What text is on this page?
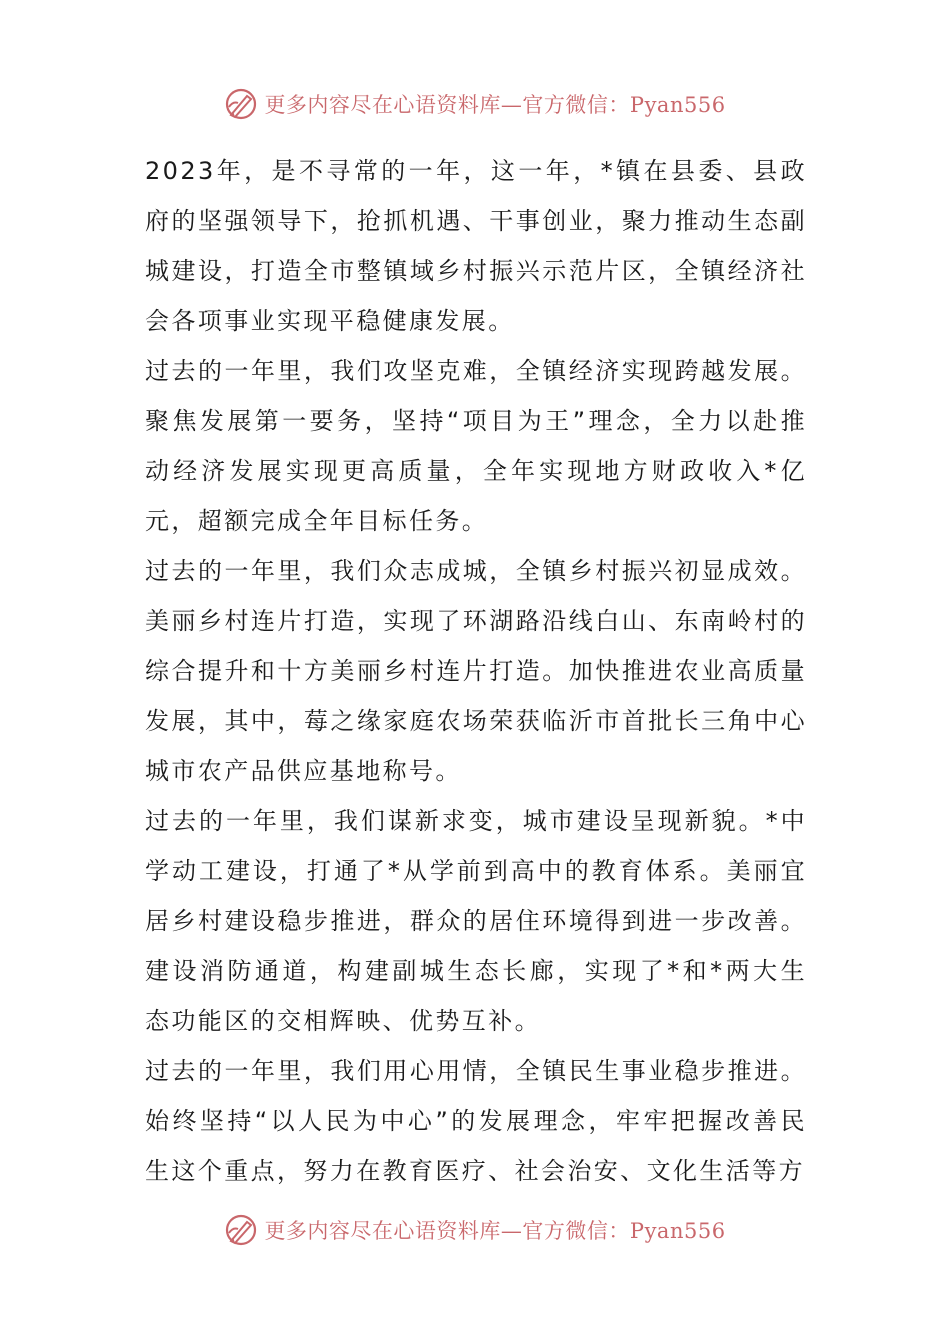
更多内容尽在心语资料库—官方微信：Pyan556

2023年，是不寻常的一年，这一年，*镇在县委、县政府的坚强领导下，抢抓机遇、干事创业，聚力推动生态副城建设，打造全市整镇域乡村振兴示范片区，全镇经济社会各项事业实现平稳健康发展。

过去的一年里，我们攻坚克难，全镇经济实现跨越发展。聚焦发展第一要务，坚持“项目为王”理念，全力以赴推动经济发展实现更高质量，全年实现地方财政收入*亿元，超额完成全年目标任务。

过去的一年里，我们众志成城，全镇乡村振兴初显成效。美丽乡村连片打造，实现了环湖路沿线白山、东南岭村的综合提升和十方美丽乡村连片打造。加快推进农业高质量发展，其中，莓之缘家庭农场荣获临沂市首批长三角中心城市农产品供应基地称号。

过去的一年里，我们谋新求变，城市建设呈现新貌。*中学动工建设，打通了*从学前到高中的教育体系。美丽宜居乡村建设稳步推进，群众的居住环境得到进一步改善。建设消防通道，构建副城生态长廊，实现了*和*两大生态功能区的交相辉映、优势互补。

过去的一年里，我们用心用情，全镇民生事业稳步推进。始终坚持“以人民为中心”的发展理念，牢牢把握改善民生这个重点，努力在教育医疗、社会治安、文化生活等方

更多内容尽在心语资料库—官方微信：Pyan556
